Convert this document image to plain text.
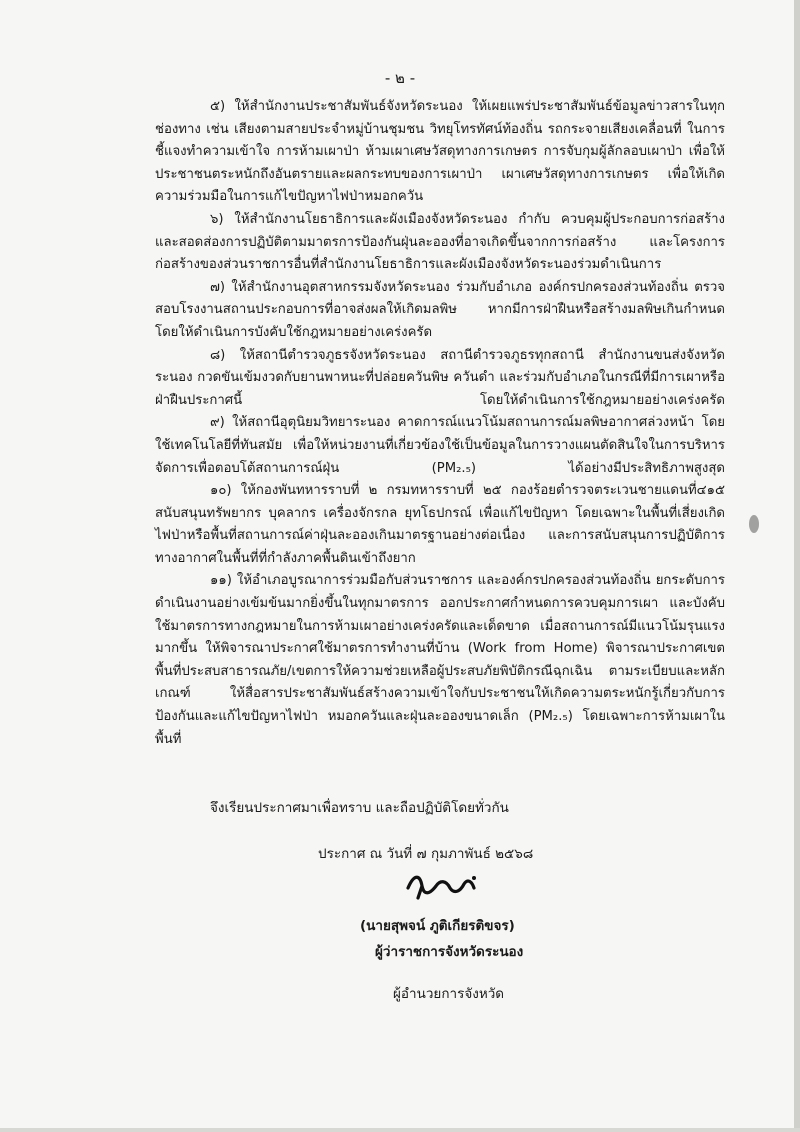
- ๒ -

๕) ให้สำนักงานประชาสัมพันธ์จังหวัดระนอง ให้เผยแพร่ประชาสัมพันธ์ข้อมูลข่าวสารในทุกช่องทาง เช่น เสียงตามสายประจำหมู่บ้านชุมชน วิทยุโทรทัศน์ท้องถิ่น รถกระจายเสียงเคลื่อนที่ ในการชี้แจงทำความเข้าใจ การห้ามเผาป่า ห้ามเผาเศษวัสดุทางการเกษตร การจับกุมผู้ลักลอบเผาป่า เพื่อให้ประชาชนตระหนักถึงอันตรายและผลกระทบของการเผาป่า เผาเศษวัสดุทางการเกษตร เพื่อให้เกิดความร่วมมือในการแก้ไขปัญหาไฟป่าหมอกควัน

๖) ให้สำนักงานโยธาธิการและผังเมืองจังหวัดระนอง กำกับ ควบคุมผู้ประกอบการก่อสร้าง และสอดส่องการปฏิบัติตามมาตรการป้องกันฝุ่นละอองที่อาจเกิดขึ้นจากการก่อสร้าง และโครงการก่อสร้างของส่วนราชการอื่นที่สำนักงานโยธาธิการและผังเมืองจังหวัดระนองร่วมดำเนินการ

๗) ให้สำนักงานอุตสาหกรรมจังหวัดระนอง ร่วมกับอำเภอ องค์กรปกครองส่วนท้องถิ่น ตรวจสอบโรงงานสถานประกอบการที่อาจส่งผลให้เกิดมลพิษ หากมีการฝ่าฝืนหรือสร้างมลพิษเกินกำหนด โดยให้ดำเนินการบังคับใช้กฎหมายอย่างเคร่งครัด

๘) ให้สถานีตำรวจภูธรจังหวัดระนอง สถานีตำรวจภูธรทุกสถานี สำนักงานขนส่งจังหวัดระนอง กวดขันเข้มงวดกับยานพาหนะที่ปล่อยควันพิษ ควันดำ และร่วมกับอำเภอในกรณีที่มีการเผาหรือฝ่าฝืนประกาศนี้ โดยให้ดำเนินการใช้กฎหมายอย่างเคร่งครัด

๙) ให้สถานีอุตุนิยมวิทยาระนอง คาดการณ์แนวโน้มสถานการณ์มลพิษอากาศล่วงหน้า โดยใช้เทคโนโลยีที่ทันสมัย เพื่อให้หน่วยงานที่เกี่ยวข้องใช้เป็นข้อมูลในการวางแผนตัดสินใจในการบริหารจัดการเพื่อตอบโต้สถานการณ์ฝุ่น (PM₂.₅) ได้อย่างมีประสิทธิภาพสูงสุด

๑๐) ให้กองพันทหารราบที่ ๒ กรมทหารราบที่ ๒๕ กองร้อยตำรวจตระเวนชายแดนที่๔๑๕ สนับสนุนทรัพยากร บุคลากร เครื่องจักรกล ยุทโธปกรณ์ เพื่อแก้ไขปัญหา โดยเฉพาะในพื้นที่เสี่ยงเกิดไฟป่าหรือพื้นที่สถานการณ์ค่าฝุ่นละอองเกินมาตรฐานอย่างต่อเนื่อง และการสนับสนุนการปฏิบัติการทางอากาศในพื้นที่ที่กำลังภาคพื้นดินเข้าถึงยาก

๑๑) ให้อำเภอบูรณาการร่วมมือกับส่วนราชการ และองค์กรปกครองส่วนท้องถิ่น ยกระดับการดำเนินงานอย่างเข้มข้นมากยิ่งขึ้นในทุกมาตรการ ออกประกาศกำหนดการควบคุมการเผา และบังคับใช้มาตรการทางกฎหมายในการห้ามเผาอย่างเคร่งครัดและเด็ดขาด เมื่อสถานการณ์มีแนวโน้มรุนแรงมากขึ้น ให้พิจารณาประกาศใช้มาตรการทำงานที่บ้าน (Work from Home) พิจารณาประกาศเขตพื้นที่ประสบสาธารณภัย/เขตการให้ความช่วยเหลือผู้ประสบภัยพิบัติกรณีฉุกเฉิน ตามระเบียบและหลักเกณฑ์ ให้สื่อสารประชาสัมพันธ์สร้างความเข้าใจกับประชาชนให้เกิดความตระหนักรู้เกี่ยวกับการป้องกันและแก้ไขปัญหาไฟป่า หมอกควันและฝุ่นละอองขนาดเล็ก (PM₂.₅) โดยเฉพาะการห้ามเผาในพื้นที่

จึงเรียนประกาศมาเพื่อทราบ และถือปฏิบัติโดยทั่วกัน
ประกาศ ณ วันที่ ๗ กุมภาพันธ์ ๒๕๖๘
(นายสุพจน์ ภูติเกียรติขจร)
ผู้ว่าราชการจังหวัดระนอง
ผู้อำนวยการจังหวัด
